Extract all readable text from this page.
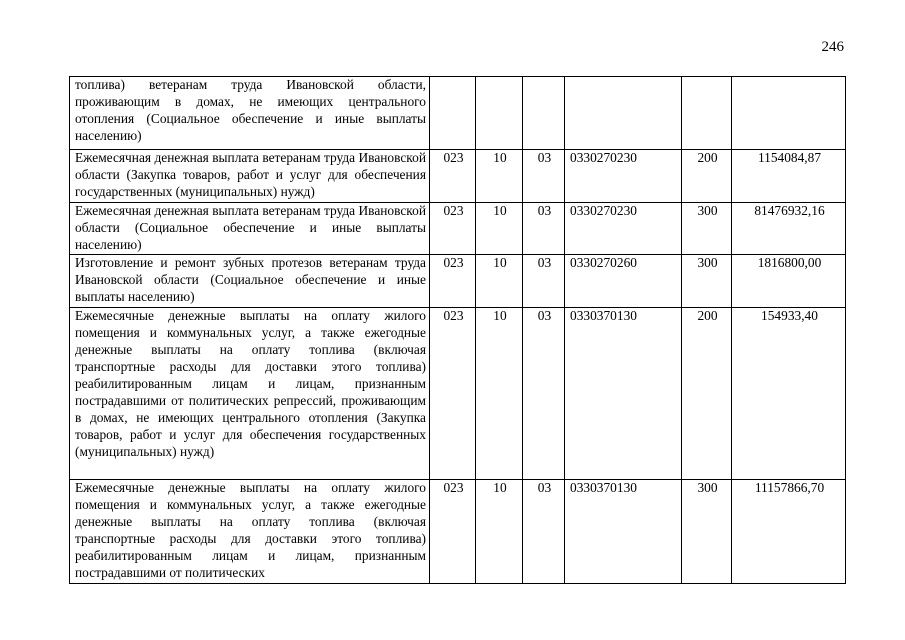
246
топлива) ветеранам труда Ивановской области, проживающим в домах, не имеющих центрального отопления (Социальное обеспечение и иные выплаты населению)						
Ежемесячная денежная выплата ветеранам труда Ивановской области (Закупка товаров, работ и услуг для обеспечения государственных (муниципальных) нужд)	023	10	03	0330270230	200	1154084,87
Ежемесячная денежная выплата ветеранам труда Ивановской области (Социальное обеспечение и иные выплаты населению)	023	10	03	0330270230	300	81476932,16
Изготовление и ремонт зубных протезов ветеранам труда Ивановской области (Социальное обеспечение и иные выплаты населению)	023	10	03	0330270260	300	1816800,00
Ежемесячные денежные выплаты на оплату жилого помещения и коммунальных услуг, а также ежегодные денежные выплаты на оплату топлива (включая транспортные расходы для доставки этого топлива) реабилитированным лицам и лицам, признанным пострадавшими от политических репрессий, проживающим в домах, не имеющих центрального отопления (Закупка товаров, работ и услуг для обеспечения государственных (муниципальных) нужд)	023	10	03	0330370130	200	154933,40
Ежемесячные денежные выплаты на оплату жилого помещения и коммунальных услуг, а также ежегодные денежные выплаты на оплату топлива (включая транспортные расходы для доставки этого топлива) реабилитированным лицам и лицам, признанным пострадавшими от политических	023	10	03	0330370130	300	11157866,70
